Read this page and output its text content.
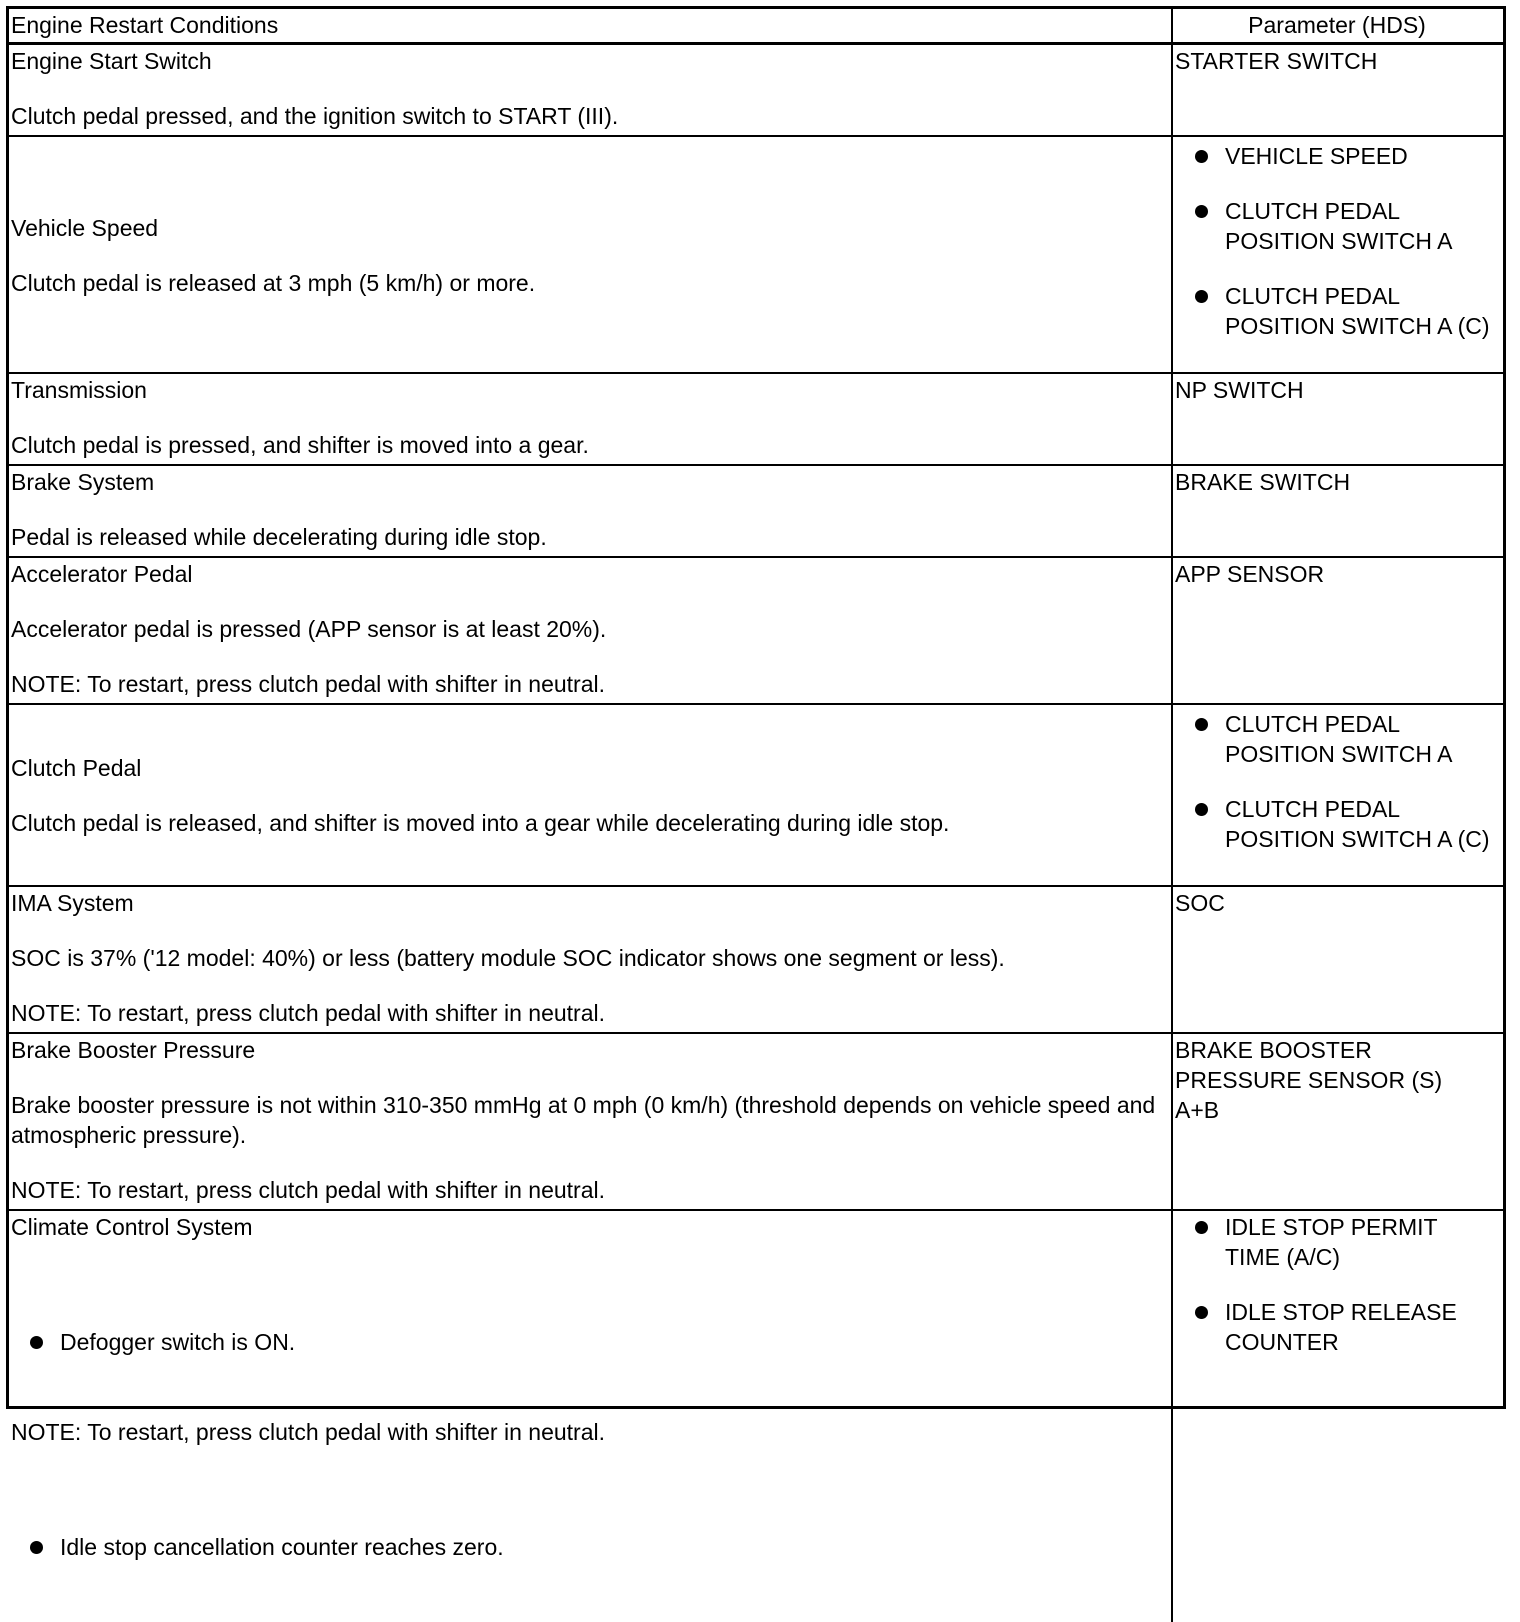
Engine Restart Conditions	Parameter (HDS)
Engine Start Switch
Clutch pedal pressed, and the ignition switch to START (III).
STARTER SWITCH
Vehicle Speed
Clutch pedal is released at 3 mph (5 km/h) or more.
VEHICLE SPEED
CLUTCH PEDAL POSITION SWITCH A
CLUTCH PEDAL POSITION SWITCH A (C)
Transmission
Clutch pedal is pressed, and shifter is moved into a gear.
NP SWITCH
Brake System
Pedal is released while decelerating during idle stop.
BRAKE SWITCH
Accelerator Pedal
Accelerator pedal is pressed (APP sensor is at least 20%).
NOTE: To restart, press clutch pedal with shifter in neutral.
APP SENSOR
Clutch Pedal
Clutch pedal is released, and shifter is moved into a gear while decelerating during idle stop.
CLUTCH PEDAL POSITION SWITCH A
CLUTCH PEDAL POSITION SWITCH A (C)
IMA System
SOC is 37% ('12 model: 40%) or less (battery module SOC indicator shows one segment or less).
NOTE: To restart, press clutch pedal with shifter in neutral.
SOC
Brake Booster Pressure
Brake booster pressure is not within 310-350 mmHg at 0 mph (0 km/h) (threshold depends on vehicle speed and atmospheric pressure).
NOTE: To restart, press clutch pedal with shifter in neutral.
BRAKE BOOSTER PRESSURE SENSOR (S) A+B
Climate Control System

Defogger switch is ON.

NOTE: To restart, press clutch pedal with shifter in neutral.

Idle stop cancellation counter reaches zero.

IDLE STOP PERMIT TIME (A/C)
IDLE STOP RELEASE COUNTER
